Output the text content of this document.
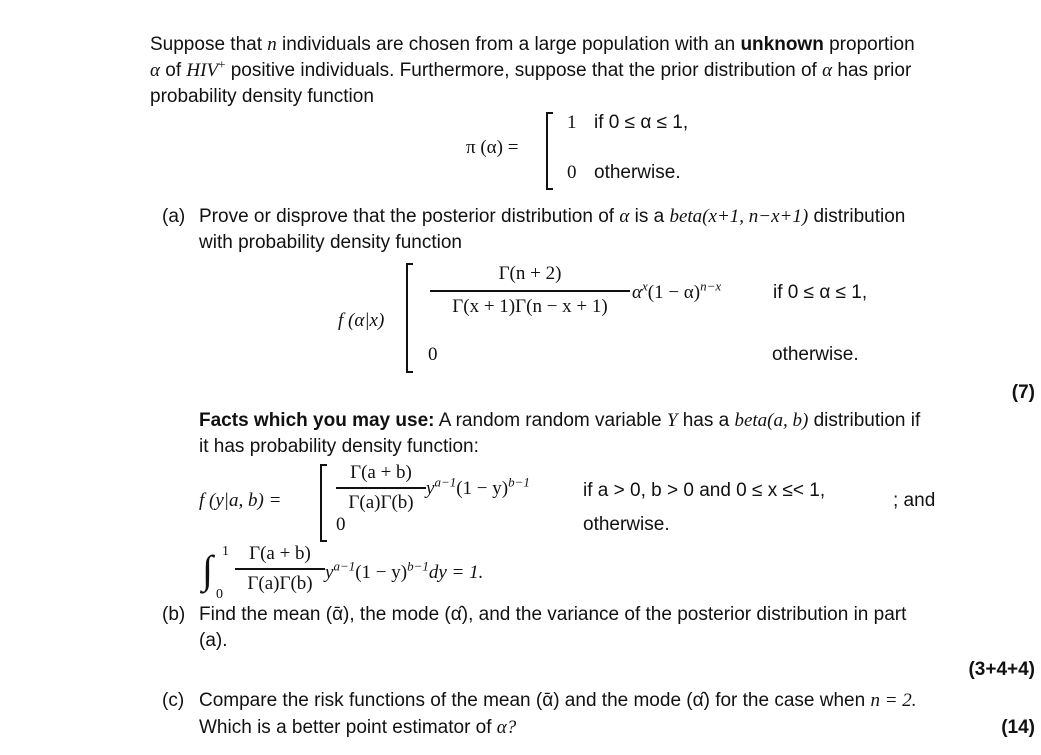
Suppose that n individuals are chosen from a large population with an unknown proportion
α of HIV+ positive individuals. Furthermore, suppose that the prior distribution of α has prior
probability density function
π (α) =
1 if 0 ≤ α ≤ 1,
0 otherwise.
(a) Prove or disprove that the posterior distribution of α is a beta(x+1, n−x+1) distribution
with probability density function
f (α|x)
Γ(n + 2)
Γ(x + 1)Γ(n − x + 1)
$\alpha^x(1 - \alpha)^{n-x}$	if 0 ≤ α ≤ 1,
0	otherwise.
(7)
Facts which you may use: A random random variable Y has a beta(a, b) distribution if
it has probability density function:
f (y|a, b) =
Γ(a + b)
Γ(a)Γ(b)
$y^{a-1}(1 - y)^{b-1}$	if a > 0, b > 0 and 0 ≤ x ≤< 1,	; and
0	otherwise.
∫ 1
0
Γ(a + b)
Γ(a)Γ(b)
$y^{a-1}(1 - y)^{b-1}dy = 1$.
(b) Find the mean (ᾱ), the mode (α̂), and the variance of the posterior distribution in part
(a).
(3+4+4)
(c) Compare the risk functions of the mean (ᾱ) and the mode (α̂) for the case when n = 2.
Which is a better point estimator of α?	(14)
